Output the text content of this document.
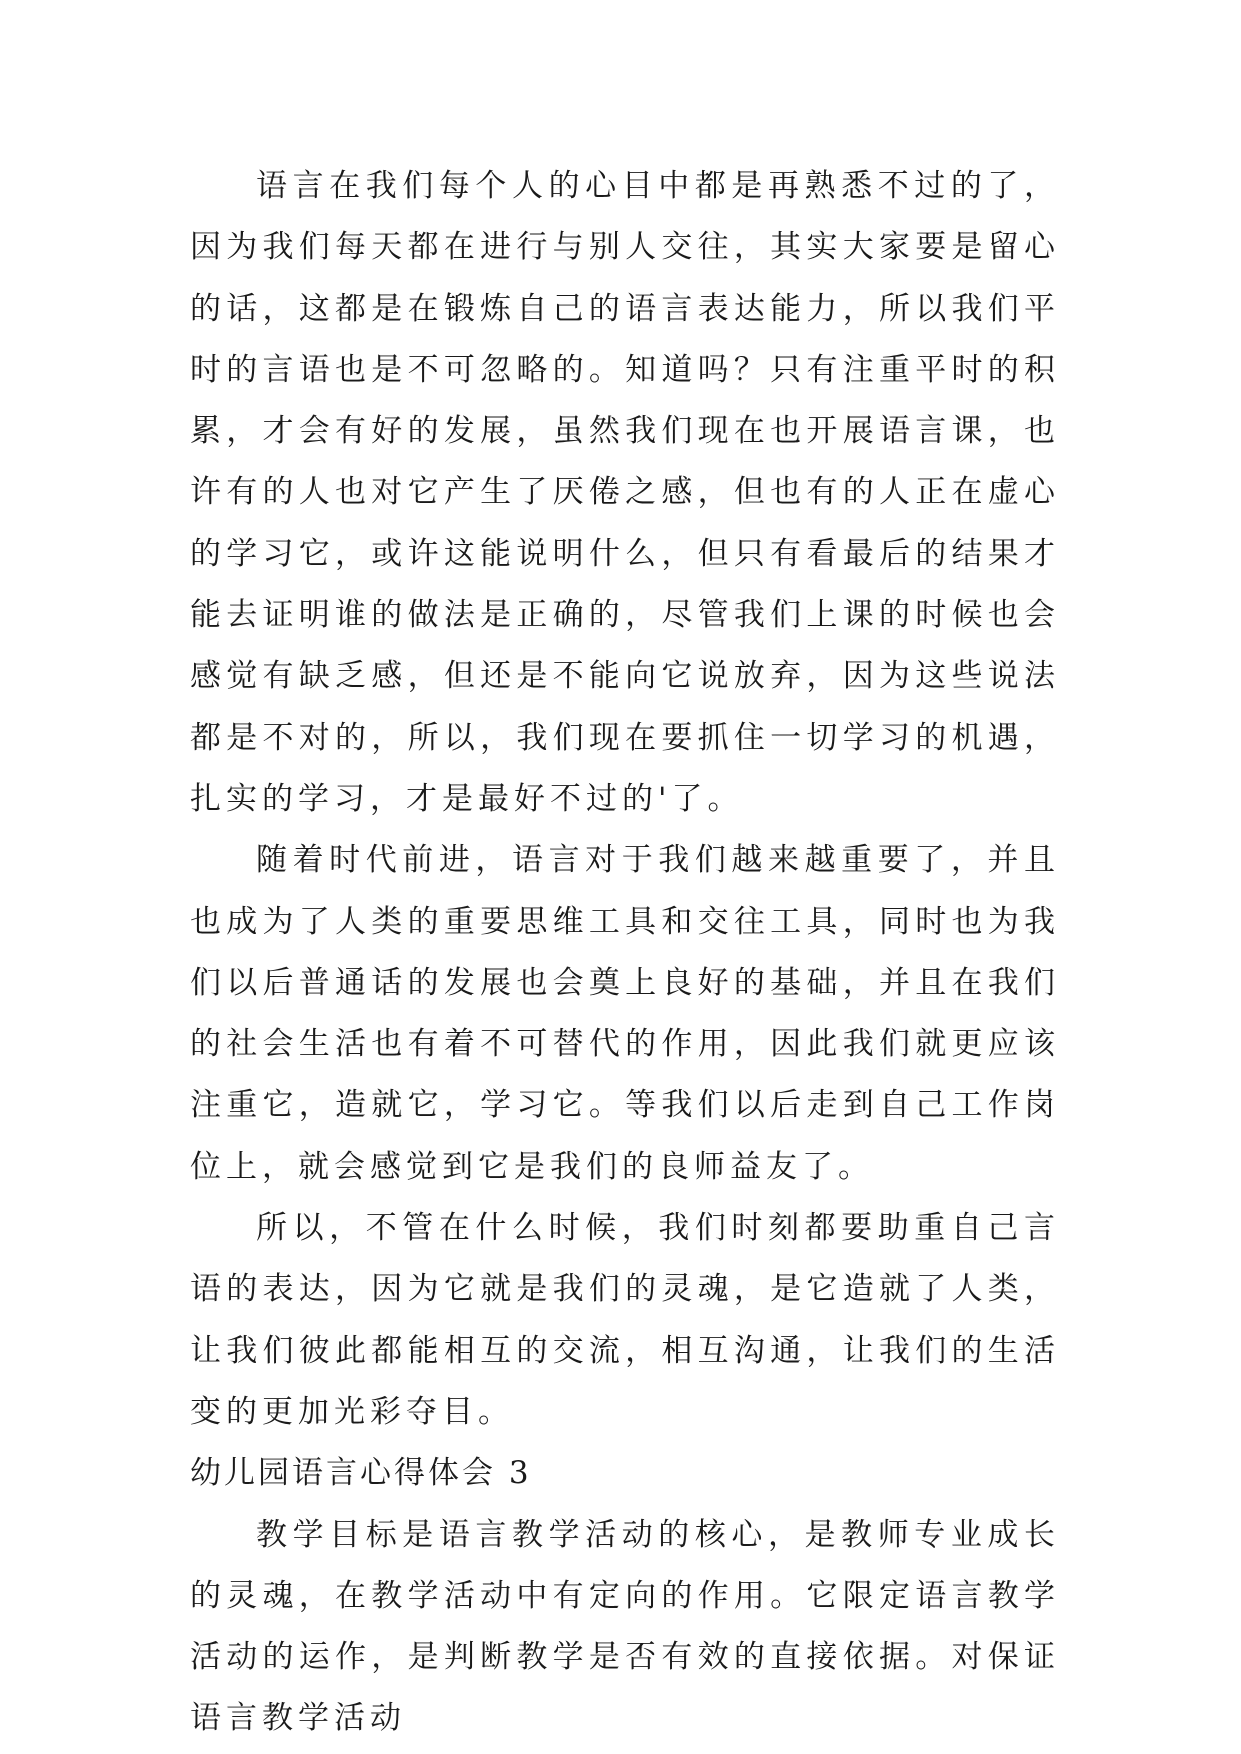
语言在我们每个人的心目中都是再熟悉不过的了，因为我们每天都在进行与别人交往，其实大家要是留心的话，这都是在锻炼自己的语言表达能力，所以我们平时的言语也是不可忽略的。知道吗？只有注重平时的积累，才会有好的发展，虽然我们现在也开展语言课，也许有的人也对它产生了厌倦之感，但也有的人正在虚心的学习它，或许这能说明什么，但只有看最后的结果才能去证明谁的做法是正确的，尽管我们上课的时候也会感觉有缺乏感，但还是不能向它说放弃，因为这些说法都是不对的，所以，我们现在要抓住一切学习的机遇，扎实的学习，才是最好不过的'了。

随着时代前进，语言对于我们越来越重要了，并且也成为了人类的重要思维工具和交往工具，同时也为我们以后普通话的发展也会奠上良好的基础，并且在我们的社会生活也有着不可替代的作用，因此我们就更应该注重它，造就它，学习它。等我们以后走到自己工作岗位上，就会感觉到它是我们的良师益友了。

所以，不管在什么时候，我们时刻都要助重自己言语的表达，因为它就是我们的灵魂，是它造就了人类，让我们彼此都能相互的交流，相互沟通，让我们的生活变的更加光彩夺目。

幼儿园语言心得体会 3

教学目标是语言教学活动的核心，是教师专业成长的灵魂，在教学活动中有定向的作用。它限定语言教学活动的运作，是判断教学是否有效的直接依据。对保证语言教学活动
